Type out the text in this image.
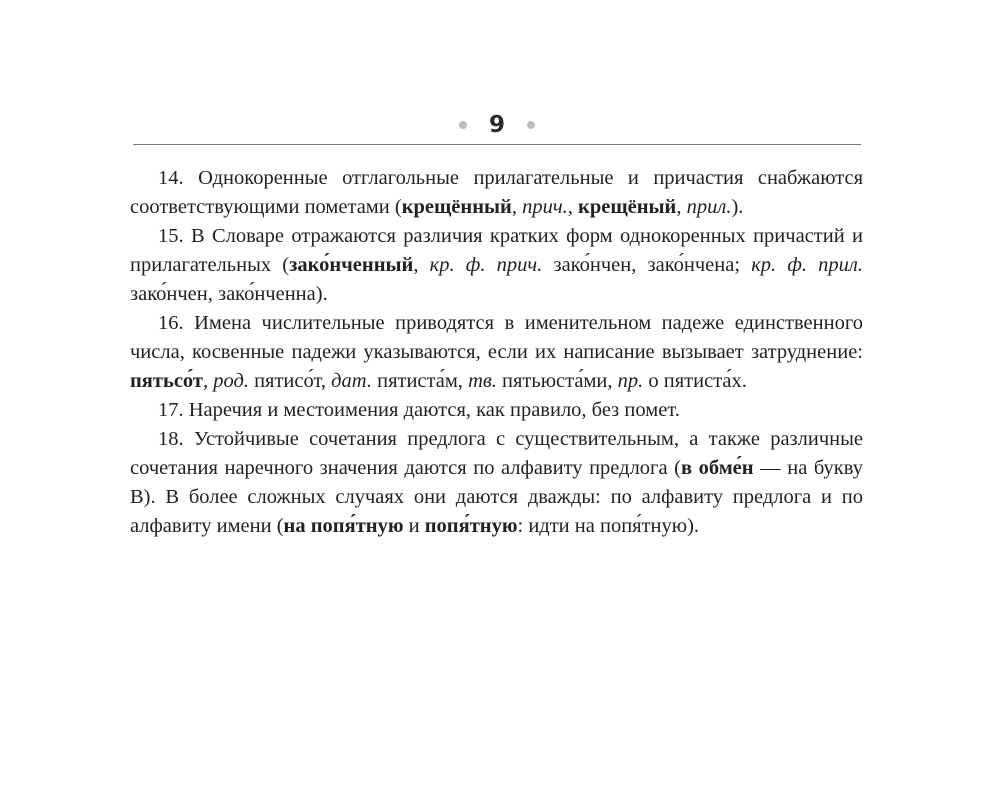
9

14. Однокоренные отглагольные прилагательные и причастия снабжаются соответствующими пометами (крещённый, прич., крещёный, прил.).

15. В Словаре отражаются различия кратких форм однокоренных причастий и прилагательных (зако́нченный, кр. ф. прич. зако́нчен, зако́нчена; кр. ф. прил. зако́нчен, зако́нченна).

16. Имена числительные приводятся в именительном падеже единственного числа, косвенные падежи указываются, если их написание вызывает затруднение: пятьсо́т, род. пятисо́т, дат. пятиста́м, тв. пятьюста́ми, пр. о пятиста́х.

17. Наречия и местоимения даются, как правило, без помет.

18. Устойчивые сочетания предлога с существительным, а также различные сочетания наречного значения даются по алфавиту предлога (в обме́н — на букву В). В более сложных случаях они даются дважды: по алфавиту предлога и по алфавиту имени (на попя́тную и попя́тную: идти на попя́тную).
